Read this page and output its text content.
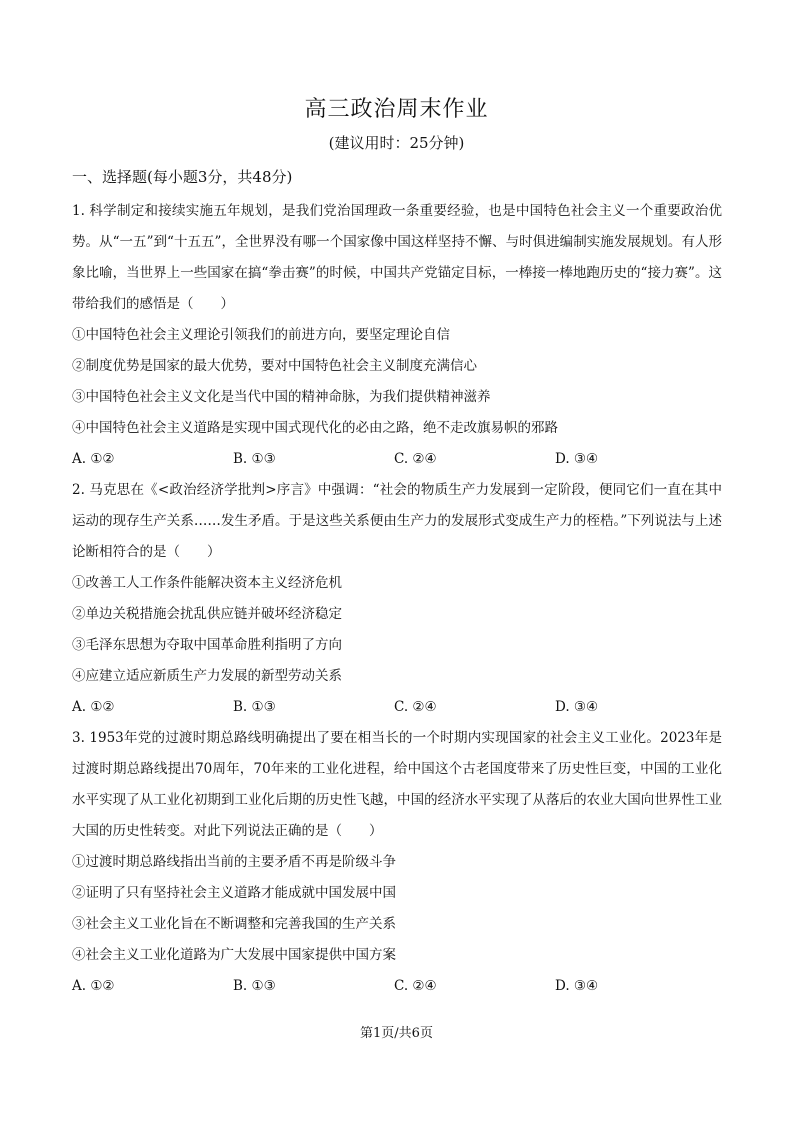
高三政治周末作业
(建议用时：25分钟)
一、选择题(每小题3分，共48分)

1. 科学制定和接续实施五年规划，是我们党治国理政一条重要经验，也是中国特色社会主义一个重要政治优势。从“一五”到“十五五”，全世界没有哪一个国家像中国这样坚持不懈、与时俱进编制实施发展规划。有人形象比喻，当世界上一些国家在搞“拳击赛”的时候，中国共产党锚定目标，一棒接一棒地跑历史的“接力赛”。这带给我们的感悟是（　　）

①中国特色社会主义理论引领我们的前进方向，要坚定理论自信

②制度优势是国家的最大优势，要对中国特色社会主义制度充满信心

③中国特色社会主义文化是当代中国的精神命脉，为我们提供精神滋养

④中国特色社会主义道路是实现中国式现代化的必由之路，绝不走改旗易帜的邪路

A. ①②	B. ①③	C. ②④	D. ③④

2. 马克思在《<政治经济学批判>序言》中强调：“社会的物质生产力发展到一定阶段，便同它们一直在其中运动的现存生产关系……发生矛盾。于是这些关系便由生产力的发展形式变成生产力的桎梏。”下列说法与上述论断相符合的是（　　）

①改善工人工作条件能解决资本主义经济危机

②单边关税措施会扰乱供应链并破坏经济稳定

③毛泽东思想为夺取中国革命胜利指明了方向

④应建立适应新质生产力发展的新型劳动关系

A. ①②	B. ①③	C. ②④	D. ③④

3. 1953年党的过渡时期总路线明确提出了要在相当长的一个时期内实现国家的社会主义工业化。2023年是过渡时期总路线提出70周年，70年来的工业化进程，给中国这个古老国度带来了历史性巨变，中国的工业化水平实现了从工业化初期到工业化后期的历史性飞越，中国的经济水平实现了从落后的农业大国向世界性工业大国的历史性转变。对此下列说法正确的是（　　）

①过渡时期总路线指出当前的主要矛盾不再是阶级斗争

②证明了只有坚持社会主义道路才能成就中国发展中国

③社会主义工业化旨在不断调整和完善我国的生产关系

④社会主义工业化道路为广大发展中国家提供中国方案

A. ①②	B. ①③	C. ②④	D. ③④
第1页/共6页
